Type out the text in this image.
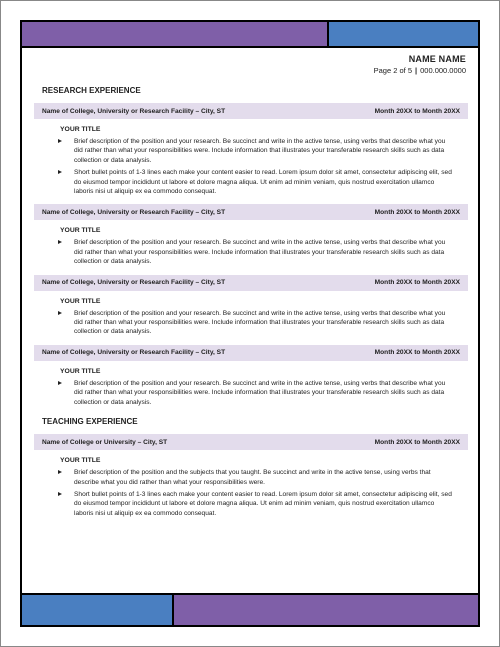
NAME NAME
Page 2 of 5 | 000.000.0000
RESEARCH EXPERIENCE
Name of College, University or Research Facility – City, ST	Month 20XX to Month 20XX
YOUR TITLE
Brief description of the position and your research. Be succinct and write in the active tense, using verbs that describe what you did rather than what your responsibilities were. Include information that illustrates your transferable research skills such as data collection or data analysis.
Short bullet points of 1-3 lines each make your content easier to read. Lorem ipsum dolor sit amet, consectetur adipiscing elit, sed do eiusmod tempor incididunt ut labore et dolore magna aliqua. Ut enim ad minim veniam, quis nostrud exercitation ullamco laboris nisi ut aliquip ex ea commodo consequat.
Name of College, University or Research Facility – City, ST	Month 20XX to Month 20XX
YOUR TITLE
Brief description of the position and your research. Be succinct and write in the active tense, using verbs that describe what you did rather than what your responsibilities were. Include information that illustrates your transferable research skills such as data collection or data analysis.
Name of College, University or Research Facility – City, ST	Month 20XX to Month 20XX
YOUR TITLE
Brief description of the position and your research. Be succinct and write in the active tense, using verbs that describe what you did rather than what your responsibilities were. Include information that illustrates your transferable research skills such as data collection or data analysis.
Name of College, University or Research Facility – City, ST	Month 20XX to Month 20XX
YOUR TITLE
Brief description of the position and your research. Be succinct and write in the active tense, using verbs that describe what you did rather than what your responsibilities were. Include information that illustrates your transferable research skills such as data collection or data analysis.
TEACHING EXPERIENCE
Name of College or University – City, ST	Month 20XX to Month 20XX
YOUR TITLE
Brief description of the position and the subjects that you taught. Be succinct and write in the active tense, using verbs that describe what you did rather than what your responsibilities were.
Short bullet points of 1-3 lines each make your content easier to read. Lorem ipsum dolor sit amet, consectetur adipiscing elit, sed do eiusmod tempor incididunt ut labore et dolore magna aliqua. Ut enim ad minim veniam, quis nostrud exercitation ullamco laboris nisi ut aliquip ex ea commodo consequat.
